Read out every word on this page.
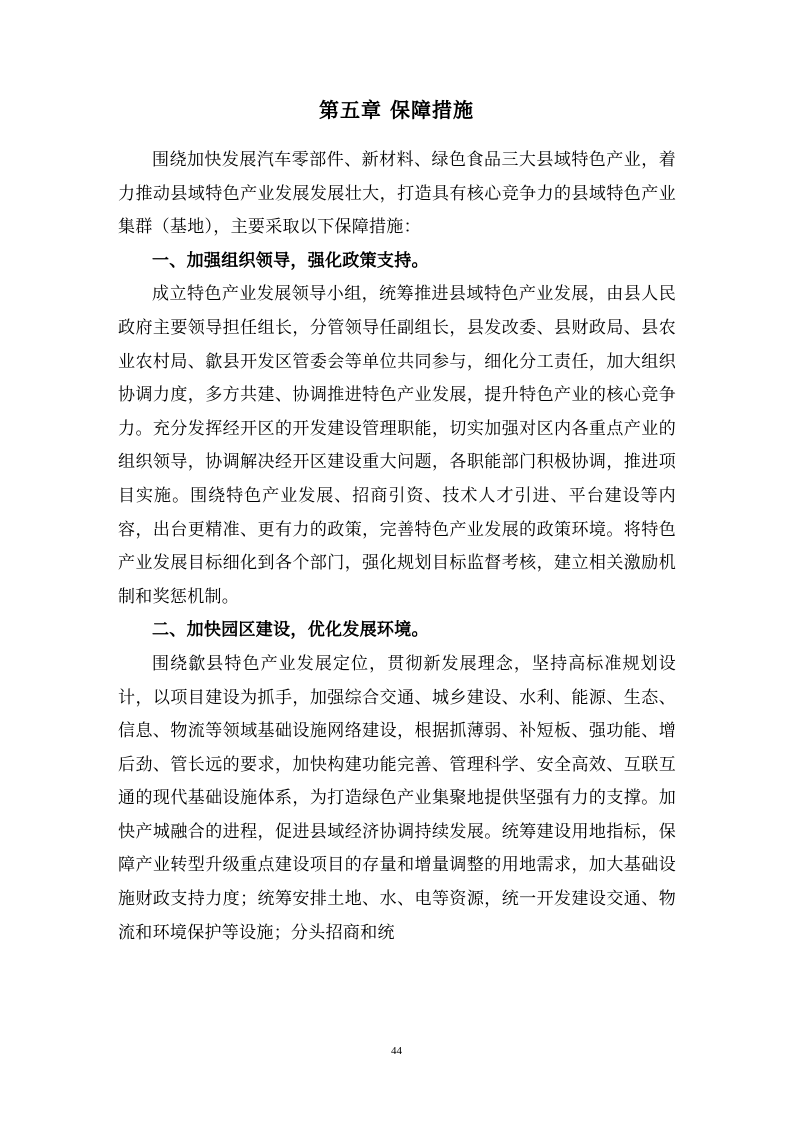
第五章 保障措施

围绕加快发展汽车零部件、新材料、绿色食品三大县域特色产业，着力推动县域特色产业发展发展壮大，打造具有核心竞争力的县域特色产业集群（基地），主要采取以下保障措施：

一、加强组织领导，强化政策支持。

成立特色产业发展领导小组，统筹推进县域特色产业发展，由县人民政府主要领导担任组长，分管领导任副组长，县发改委、县财政局、县农业农村局、歙县开发区管委会等单位共同参与，细化分工责任，加大组织协调力度，多方共建、协调推进特色产业发展，提升特色产业的核心竞争力。充分发挥经开区的开发建设管理职能，切实加强对区内各重点产业的组织领导，协调解决经开区建设重大问题，各职能部门积极协调，推进项目实施。围绕特色产业发展、招商引资、技术人才引进、平台建设等内容，出台更精准、更有力的政策，完善特色产业发展的政策环境。将特色产业发展目标细化到各个部门，强化规划目标监督考核，建立相关激励机制和奖惩机制。

二、加快园区建设，优化发展环境。

围绕歙县特色产业发展定位，贯彻新发展理念，坚持高标准规划设计，以项目建设为抓手，加强综合交通、城乡建设、水利、能源、生态、信息、物流等领域基础设施网络建设，根据抓薄弱、补短板、强功能、增后劲、管长远的要求，加快构建功能完善、管理科学、安全高效、互联互通的现代基础设施体系，为打造绿色产业集聚地提供坚强有力的支撑。加快产城融合的进程，促进县域经济协调持续发展。统筹建设用地指标，保障产业转型升级重点建设项目的存量和增量调整的用地需求，加大基础设施财政支持力度；统筹安排土地、水、电等资源，统一开发建设交通、物流和环境保护等设施；分头招商和统

44
